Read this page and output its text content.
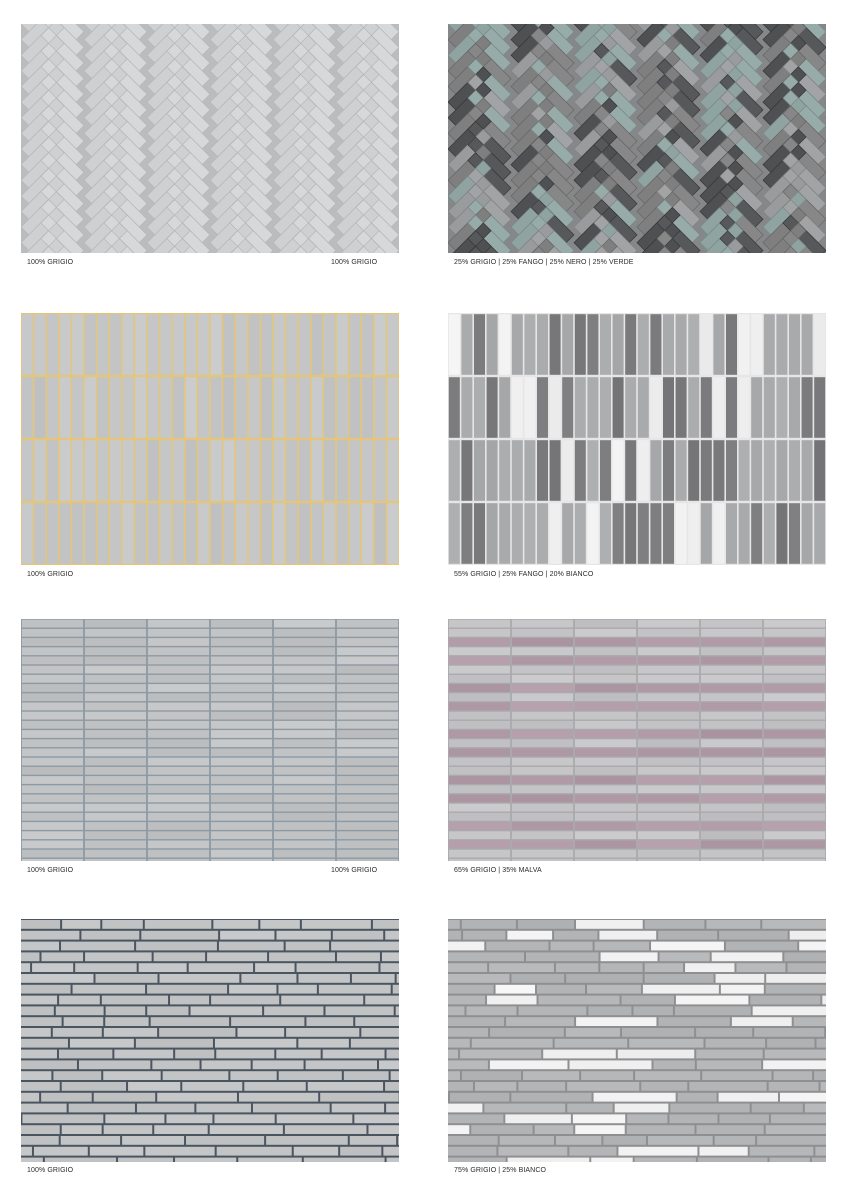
100% GRIGIO	100% GRIGIO	25% GRIGIO | 25% FANGO | 25% NERO | 25% VERDE
100% GRIGIO	55% GRIGIO | 25% FANGO | 20% BIANCO
100% GRIGIO	100% GRIGIO	65% GRIGIO | 35% MALVA
100% GRIGIO	75% GRIGIO | 25% BIANCO
